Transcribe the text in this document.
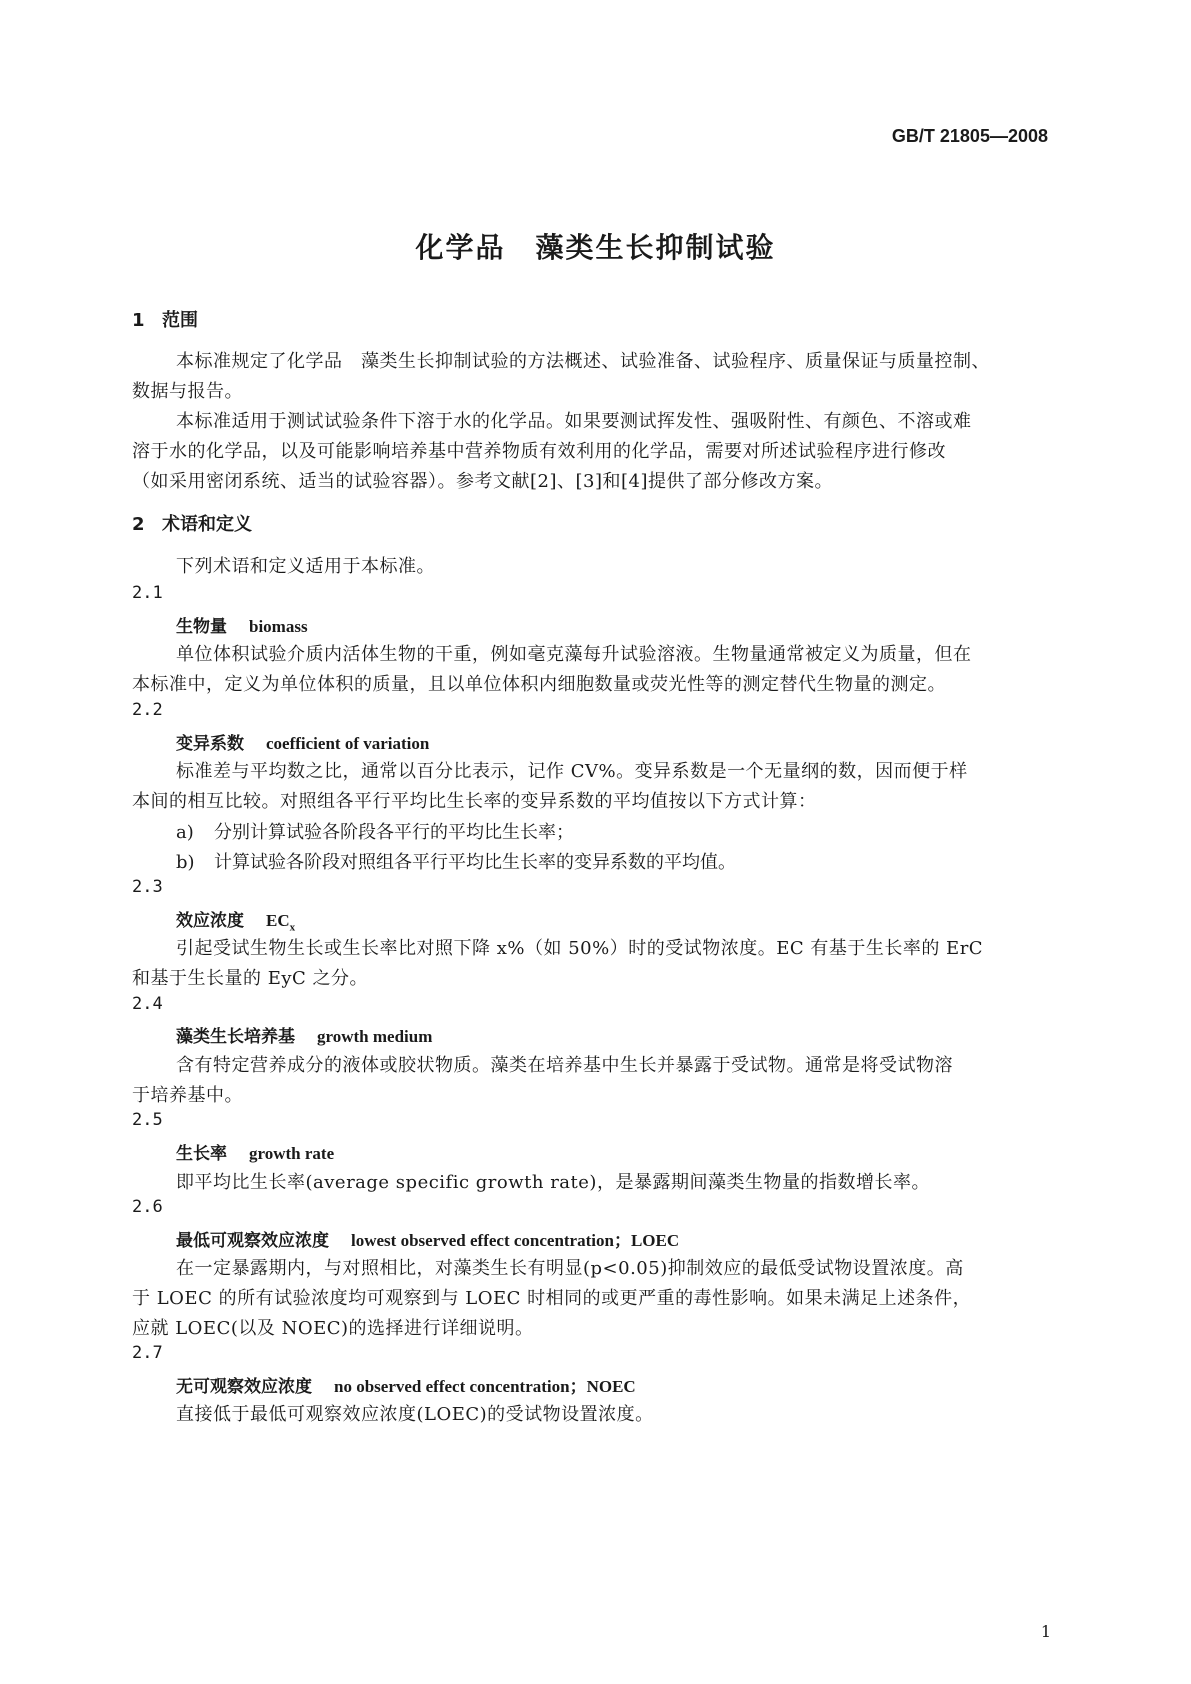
GB/T 21805—2008
化学品　藻类生长抑制试验
1 范围
本标准规定了化学品　藻类生长抑制试验的方法概述、试验准备、试验程序、质量保证与质量控制、
数据与报告。
本标准适用于测试试验条件下溶于水的化学品。如果要测试挥发性、强吸附性、有颜色、不溶或难
溶于水的化学品，以及可能影响培养基中营养物质有效利用的化学品，需要对所述试验程序进行修改
（如采用密闭系统、适当的试验容器）。参考文献[2]、[3]和[4]提供了部分修改方案。
2 术语和定义
下列术语和定义适用于本标准。
2.1
生物量 biomass
单位体积试验介质内活体生物的干重，例如毫克藻每升试验溶液。生物量通常被定义为质量，但在
本标准中，定义为单位体积的质量，且以单位体积内细胞数量或荧光性等的测定替代生物量的测定。
2.2
变异系数 coefficient of variation
标准差与平均数之比，通常以百分比表示，记作 CV%。变异系数是一个无量纲的数，因而便于样
本间的相互比较。对照组各平行平均比生长率的变异系数的平均值按以下方式计算：
a) 分别计算试验各阶段各平行的平均比生长率；
b) 计算试验各阶段对照组各平行平均比生长率的变异系数的平均值。
2.3
效应浓度 $EC_x$
引起受试生物生长或生长率比对照下降 x%（如 50%）时的受试物浓度。EC 有基于生长率的 ErC
和基于生长量的 EyC 之分。
2.4
藻类生长培养基 growth medium
含有特定营养成分的液体或胶状物质。藻类在培养基中生长并暴露于受试物。通常是将受试物溶
于培养基中。
2.5
生长率 growth rate
即平均比生长率(average specific growth rate)，是暴露期间藻类生物量的指数增长率。
2.6
最低可观察效应浓度 lowest observed effect concentration；LOEC
在一定暴露期内，与对照相比，对藻类生长有明显(p<0.05)抑制效应的最低受试物设置浓度。高
于 LOEC 的所有试验浓度均可观察到与 LOEC 时相同的或更严重的毒性影响。如果未满足上述条件，
应就 LOEC(以及 NOEC)的选择进行详细说明。
2.7
无可观察效应浓度 no observed effect concentration；NOEC
直接低于最低可观察效应浓度(LOEC)的受试物设置浓度。
1
